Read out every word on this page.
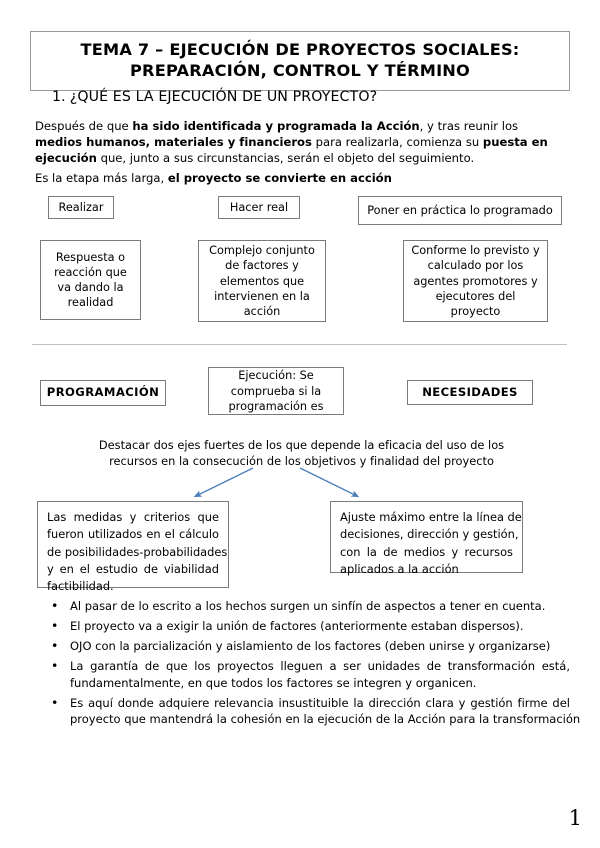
TEMA 7 – EJECUCIÓN DE PROYECTOS SOCIALES:
PREPARACIÓN, CONTROL Y TÉRMINO
1. ¿QUÉ ES LA EJECUCIÓN DE UN PROYECTO?
Después de que ha sido identificada y programada la Acción, y tras reunir los medios humanos, materiales y financieros para realizarla, comienza su puesta en ejecución que, junto a sus circunstancias, serán el objeto del seguimiento.
Es la etapa más larga, el proyecto se convierte en acción
Realizar	Hacer real	Poner en práctica lo programado
Respuesta o reacción que va dando la realidad
Complejo conjunto de factores y elementos que intervienen en la acción
Conforme lo previsto y calculado por los agentes promotores y ejecutores del proyecto
PROGRAMACIÓN
Ejecución: Se comprueba si la programación es
NECESIDADES
Destacar dos ejes fuertes de los que depende la eficacia del uso de los recursos en la consecución de los objetivos y finalidad del proyecto
Las medidas y criterios que
fueron utilizados en el cálculo
de posibilidades-probabilidades
y en el estudio de viabilidad
factibilidad.
Ajuste máximo entre la línea de
decisiones, dirección y gestión,
con la de medios y recursos
aplicados a la acción
• Al pasar de lo escrito a los hechos surgen un sinfín de aspectos a tener en cuenta.
• El proyecto va a exigir la unión de factores (anteriormente estaban dispersos).
• OJO con la parcialización y aislamiento de los factores (deben unirse y organizarse)
• La garantía de que los proyectos lleguen a ser unidades de transformación está,
fundamentalmente, en que todos los factores se integren y organicen.
• Es aquí donde adquiere relevancia insustituible la dirección clara y gestión firme del
proyecto que mantendrá la cohesión en la ejecución de la Acción para la transformación
1
